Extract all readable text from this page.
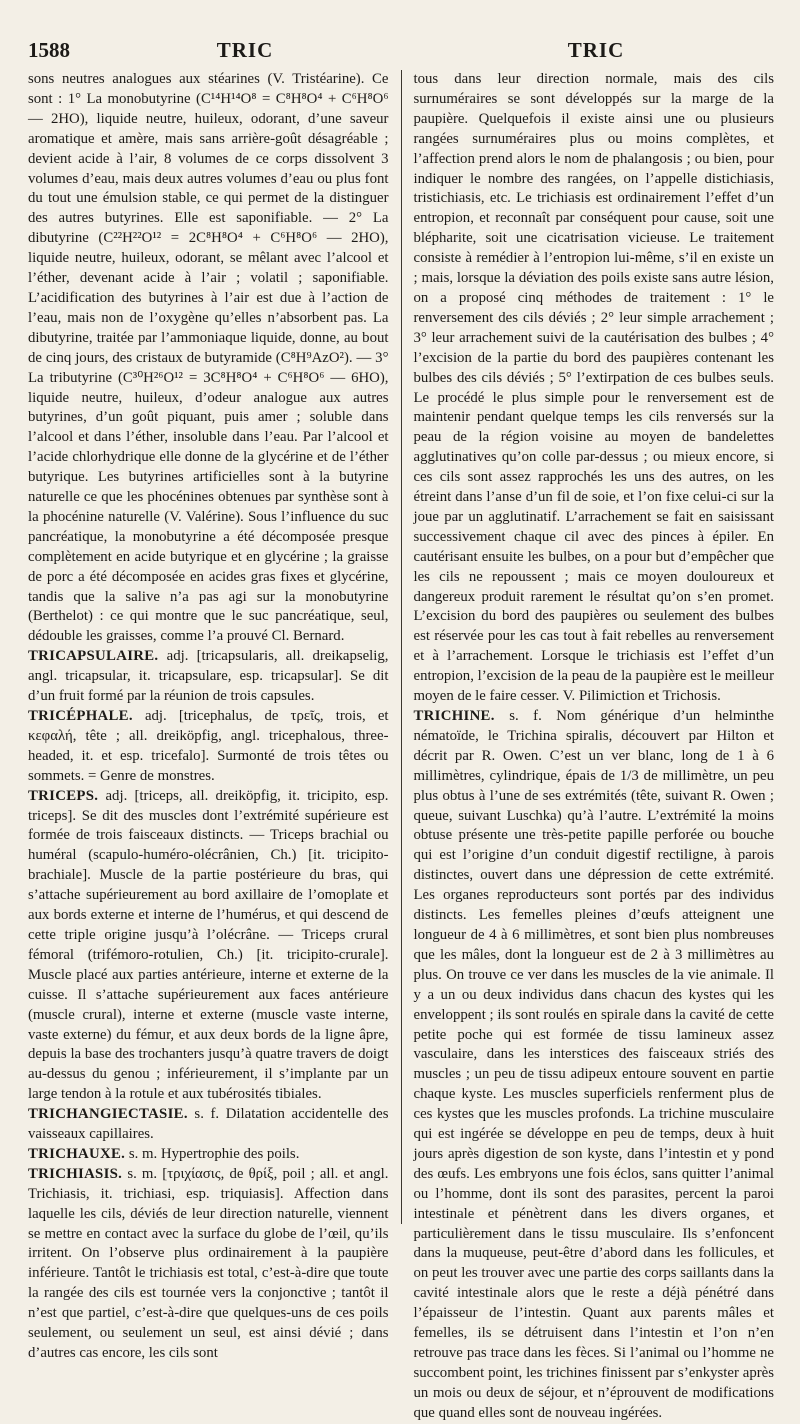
1588	TRIC	TRIC

sons neutres analogues aux stéarines (V. Tristéarine). Ce sont : 1° La monobutyrine (C¹⁴H¹⁴O⁸ = C⁸H⁸O⁴ + C⁶H⁸O⁶ — 2HO), liquide neutre, huileux, odorant, d’une saveur aromatique et amère, mais sans arrière-goût désagréable ; devient acide à l’air, 8 volumes de ce corps dissolvent 3 volumes d’eau, mais deux autres volumes d’eau ou plus font du tout une émulsion stable, ce qui permet de la distinguer des autres butyrines. Elle est saponifiable. — 2° La dibutyrine (C²²H²²O¹² = 2C⁸H⁸O⁴ + C⁶H⁸O⁶ — 2HO), liquide neutre, huileux, odorant, se mêlant avec l’alcool et l’éther, devenant acide à l’air ; volatil ; saponifiable. L’acidification des butyrines à l’air est due à l’action de l’eau, mais non de l’oxygène qu’elles n’absorbent pas. La dibutyrine, traitée par l’ammoniaque liquide, donne, au bout de cinq jours, des cristaux de butyramide (C⁸H⁹AzO²). — 3° La tributyrine (C³⁰H²⁶O¹² = 3C⁸H⁸O⁴ + C⁶H⁸O⁶ — 6HO), liquide neutre, huileux, d’odeur analogue aux autres butyrines, d’un goût piquant, puis amer ; soluble dans l’alcool et dans l’éther, insoluble dans l’eau. Par l’alcool et l’acide chlorhydrique elle donne de la glycérine et de l’éther butyrique. Les butyrines artificielles sont à la butyrine naturelle ce que les phocénines obtenues par synthèse sont à la phocénine naturelle (V. Valérine). Sous l’influence du suc pancréatique, la monobutyrine a été décomposée presque complètement en acide butyrique et en glycérine ; la graisse de porc a été décomposée en acides gras fixes et glycérine, tandis que la salive n’a pas agi sur la monobutyrine (Berthelot) : ce qui montre que le suc pancréatique, seul, dédouble les graisses, comme l’a prouvé Cl. Bernard.

TRICAPSULAIRE. adj. [tricapsularis, all. dreikapselig, angl. tricapsular, it. tricapsulare, esp. tricapsular]. Se dit d’un fruit formé par la réunion de trois capsules.

TRICÉPHALE. adj. [tricephalus, de τρεῖς, trois, et κεφαλή, tête ; all. dreiköpfig, angl. tricephalous, three-headed, it. et esp. tricefalo]. Surmonté de trois têtes ou sommets. = Genre de monstres.

TRICEPS. adj. [triceps, all. dreiköpfig, it. tricipito, esp. triceps]. Se dit des muscles dont l’extrémité supérieure est formée de trois faisceaux distincts. — Triceps brachial ou huméral (scapulo-huméro-olécrânien, Ch.) [it. tricipito-brachiale]. Muscle de la partie postérieure du bras, qui s’attache supérieurement au bord axillaire de l’omoplate et aux bords externe et interne de l’humérus, et qui descend de cette triple origine jusqu’à l’olécrâne. — Triceps crural fémoral (trifémoro-rotulien, Ch.) [it. tricipito-crurale]. Muscle placé aux parties antérieure, interne et externe de la cuisse. Il s’attache supérieurement aux faces antérieure (muscle crural), interne et externe (muscle vaste interne, vaste externe) du fémur, et aux deux bords de la ligne âpre, depuis la base des trochanters jusqu’à quatre travers de doigt au-dessus du genou ; inférieurement, il s’implante par un large tendon à la rotule et aux tubérosités tibiales.

TRICHANGIECTASIE. s. f. Dilatation accidentelle des vaisseaux capillaires.

TRICHAUXE. s. m. Hypertrophie des poils.

TRICHIASIS. s. m. [τριχίασις, de θρίξ, poil ; all. et angl. Trichiasis, it. trichiasi, esp. triquiasis]. Affection dans laquelle les cils, déviés de leur direction naturelle, viennent se mettre en contact avec la surface du globe de l’œil, qu’ils irritent. On l’observe plus ordinairement à la paupière inférieure. Tantôt le trichiasis est total, c’est-à-dire que toute la rangée des cils est tournée vers la conjonctive ; tantôt il n’est que partiel, c’est-à-dire que quelques-uns de ces poils seulement, ou seulement un seul, est ainsi dévié ; dans d’autres cas encore, les cils sont

tous dans leur direction normale, mais des cils surnuméraires se sont développés sur la marge de la paupière. Quelquefois il existe ainsi une ou plusieurs rangées surnuméraires plus ou moins complètes, et l’affection prend alors le nom de phalangosis ; ou bien, pour indiquer le nombre des rangées, on l’appelle distichiasis, tristichiasis, etc. Le trichiasis est ordinairement l’effet d’un entropion, et reconnaît par conséquent pour cause, soit une blépharite, soit une cicatrisation vicieuse. Le traitement consiste à remédier à l’entropion lui-même, s’il en existe un ; mais, lorsque la déviation des poils existe sans autre lésion, on a proposé cinq méthodes de traitement : 1° le renversement des cils déviés ; 2° leur simple arrachement ; 3° leur arrachement suivi de la cautérisation des bulbes ; 4° l’excision de la partie du bord des paupières contenant les bulbes des cils déviés ; 5° l’extirpation de ces bulbes seuls. Le procédé le plus simple pour le renversement est de maintenir pendant quelque temps les cils renversés sur la peau de la région voisine au moyen de bandelettes agglutinatives qu’on colle par-dessus ; ou mieux encore, si ces cils sont assez rapprochés les uns des autres, on les étreint dans l’anse d’un fil de soie, et l’on fixe celui-ci sur la joue par un agglutinatif. L’arrachement se fait en saisissant successivement chaque cil avec des pinces à épiler. En cautérisant ensuite les bulbes, on a pour but d’empêcher que les cils ne repoussent ; mais ce moyen douloureux et dangereux produit rarement le résultat qu’on s’en promet. L’excision du bord des paupières ou seulement des bulbes est réservée pour les cas tout à fait rebelles au renversement et à l’arrachement. Lorsque le trichiasis est l’effet d’un entropion, l’excision de la peau de la paupière est le meilleur moyen de le faire cesser. V. Pilimiction et Trichosis.

TRICHINE. s. f. Nom générique d’un helminthe nématoïde, le Trichina spiralis, découvert par Hilton et décrit par R. Owen. C’est un ver blanc, long de 1 à 6 millimètres, cylindrique, épais de 1/3 de millimètre, un peu plus obtus à l’une de ses extrémités (tête, suivant R. Owen ; queue, suivant Luschka) qu’à l’autre. L’extrémité la moins obtuse présente une très-petite papille perforée ou bouche qui est l’origine d’un conduit digestif rectiligne, à parois distinctes, ouvert dans une dépression de cette extrémité. Les organes reproducteurs sont portés par des individus distincts. Les femelles pleines d’œufs atteignent une longueur de 4 à 6 millimètres, et sont bien plus nombreuses que les mâles, dont la longueur est de 2 à 3 millimètres au plus. On trouve ce ver dans les muscles de la vie animale. Il y a un ou deux individus dans chacun des kystes qui les enveloppent ; ils sont roulés en spirale dans la cavité de cette petite poche qui est formée de tissu lamineux assez vasculaire, dans les interstices des faisceaux striés des muscles ; un peu de tissu adipeux entoure souvent en partie chaque kyste. Les muscles superficiels renferment plus de ces kystes que les muscles profonds. La trichine musculaire qui est ingérée se développe en peu de temps, deux à huit jours après digestion de son kyste, dans l’intestin et y pond des œufs. Les embryons une fois éclos, sans quitter l’animal ou l’homme, dont ils sont des parasites, percent la paroi intestinale et pénètrent dans les divers organes, et particulièrement dans le tissu musculaire. Ils s’enfoncent dans la muqueuse, peut-être d’abord dans les follicules, et on peut les trouver avec une partie des corps saillants dans la cavité intestinale alors que le reste a déjà pénétré dans l’épaisseur de l’intestin. Quant aux parents mâles et femelles, ils se détruisent dans l’intestin et l’on n’en retrouve pas trace dans les fèces. Si l’animal ou l’homme ne succombent point, les trichines finissent par s’enkyster après un mois ou deux de séjour, et n’éprouvent de modifications que quand elles sont de nouveau ingérées.
